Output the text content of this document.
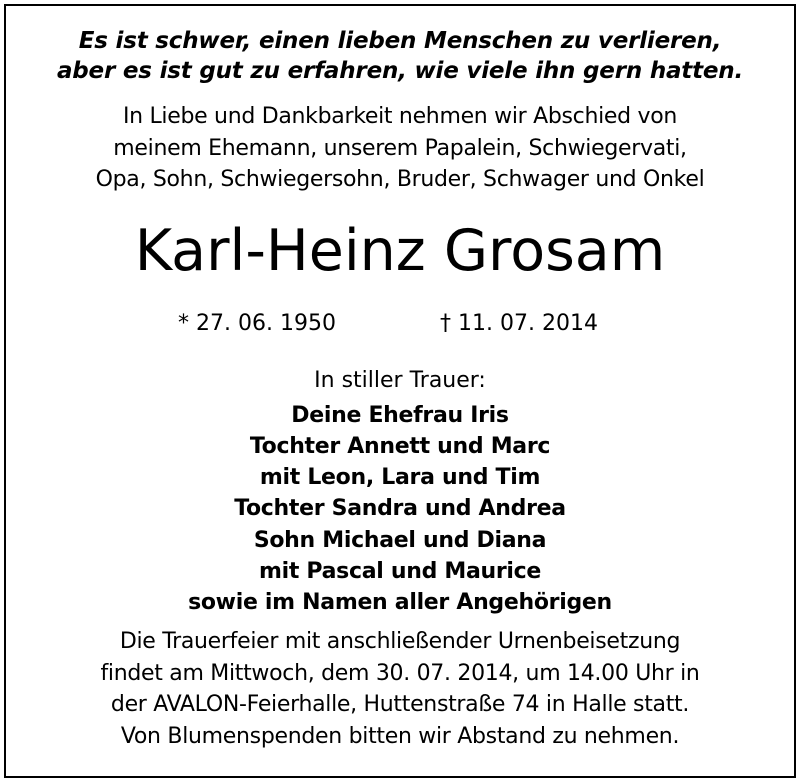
Es ist schwer, einen lieben Menschen zu verlieren,
aber es ist gut zu erfahren, wie viele ihn gern hatten.
In Liebe und Dankbarkeit nehmen wir Abschied von
meinem Ehemann, unserem Papalein, Schwiegervati,
Opa, Sohn, Schwiegersohn, Bruder, Schwager und Onkel
Karl-Heinz Grosam
* 27. 06. 1950	† 11. 07. 2014
In stiller Trauer:
Deine Ehefrau Iris
Tochter Annett und Marc
mit Leon, Lara und Tim
Tochter Sandra und Andrea
Sohn Michael und Diana
mit Pascal und Maurice
sowie im Namen aller Angehörigen
Die Trauerfeier mit anschließender Urnenbeisetzung
findet am Mittwoch, dem 30. 07. 2014, um 14.00 Uhr in
der AVALON-Feierhalle, Huttenstraße 74 in Halle statt.
Von Blumenspenden bitten wir Abstand zu nehmen.
